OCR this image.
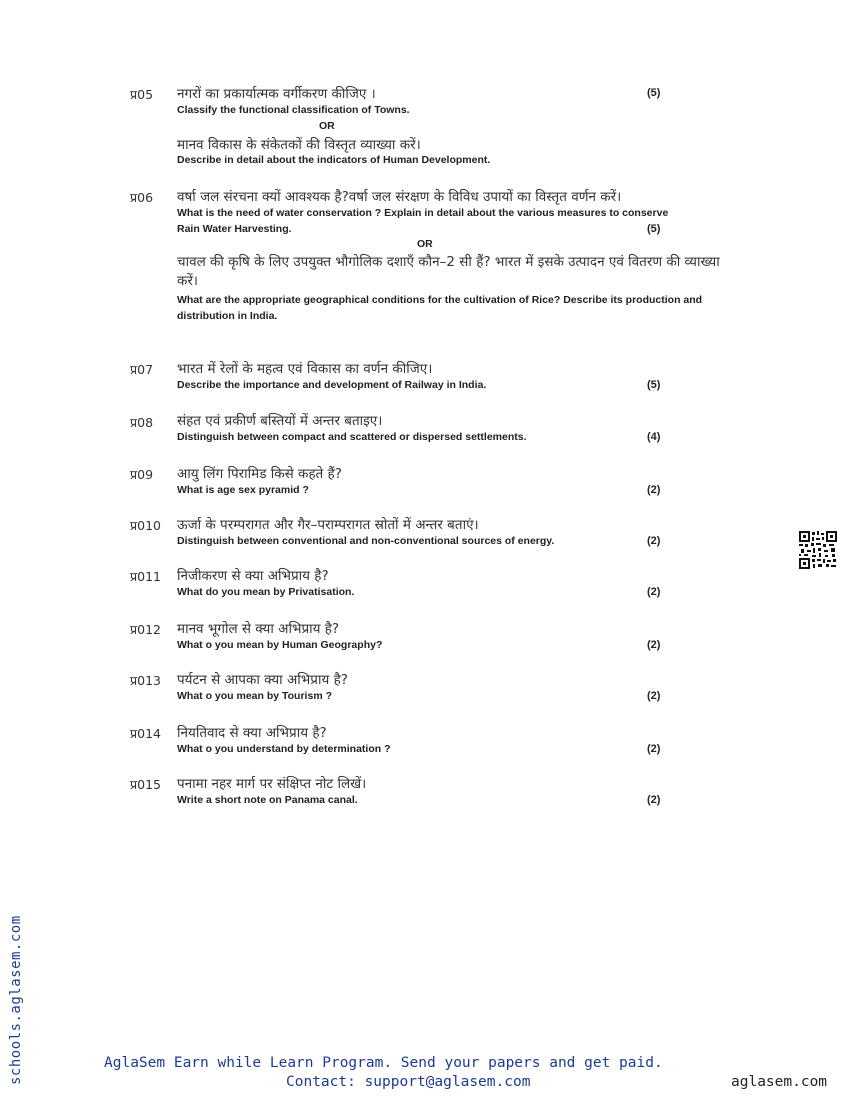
प्र05 नगरों का प्रकार्यात्मक वर्गीकरण कीजिए ।	(5)
Classify the functional classification of Towns.
OR
मानव विकास के संकेतकों की विस्तृत व्याख्या करें।
Describe in detail about the indicators of Human Development.
प्र06 वर्षा जल संरचना क्यों आवश्यक है?वर्षा जल संरक्षण के विविध उपायों का विस्तृत वर्णन करें।
What is the need of water conservation ? Explain in detail about the various measures to conserve
Rain Water Harvesting.	(5)
OR
चावल की कृषि के लिए उपयुक्त भौगोलिक दशाएँ कौन–2 सी हैं? भारत में इसके उत्पादन एवं वितरण की व्याख्या करें।
What are the appropriate geographical conditions for the cultivation of Rice? Describe its production and distribution in India.
प्र07 भारत में रेलों के महत्व एवं विकास का वर्णन कीजिए।
Describe the importance and development of Railway in India.	(5)
प्र08 संहत एवं प्रकीर्ण बस्तियों में अन्तर बताइए।
Distinguish between compact and scattered or dispersed settlements.	(4)
प्र09 आयु लिंग पिरामिड किसे कहते हैं?
What is age sex pyramid ?	(2)
प्र010 ऊर्जा के परम्परागत और गैर–पराम्परागत स्रोतों में अन्तर बताएं।
Distinguish between conventional and non-conventional sources of energy.	(2)
प्र011 निजीकरण से क्या अभिप्राय है?
What do you mean by Privatisation.	(2)
प्र012 मानव भूगोल से क्या अभिप्राय है?
What o you mean by Human Geography?	(2)
प्र013 पर्यटन से आपका क्या अभिप्राय है?
What o you mean by Tourism ?	(2)
प्र014 नियतिवाद से क्या अभिप्राय है?
What o you understand by determination ?	(2)
प्र015 पनामा नहर मार्ग पर संक्षिप्त नोट लिखें।
Write a short note on Panama canal.	(2)
schools.aglasem.com	AglaSem Earn while Learn Program. Send your papers and get paid.
Contact: support@aglasem.com	aglasem.com
